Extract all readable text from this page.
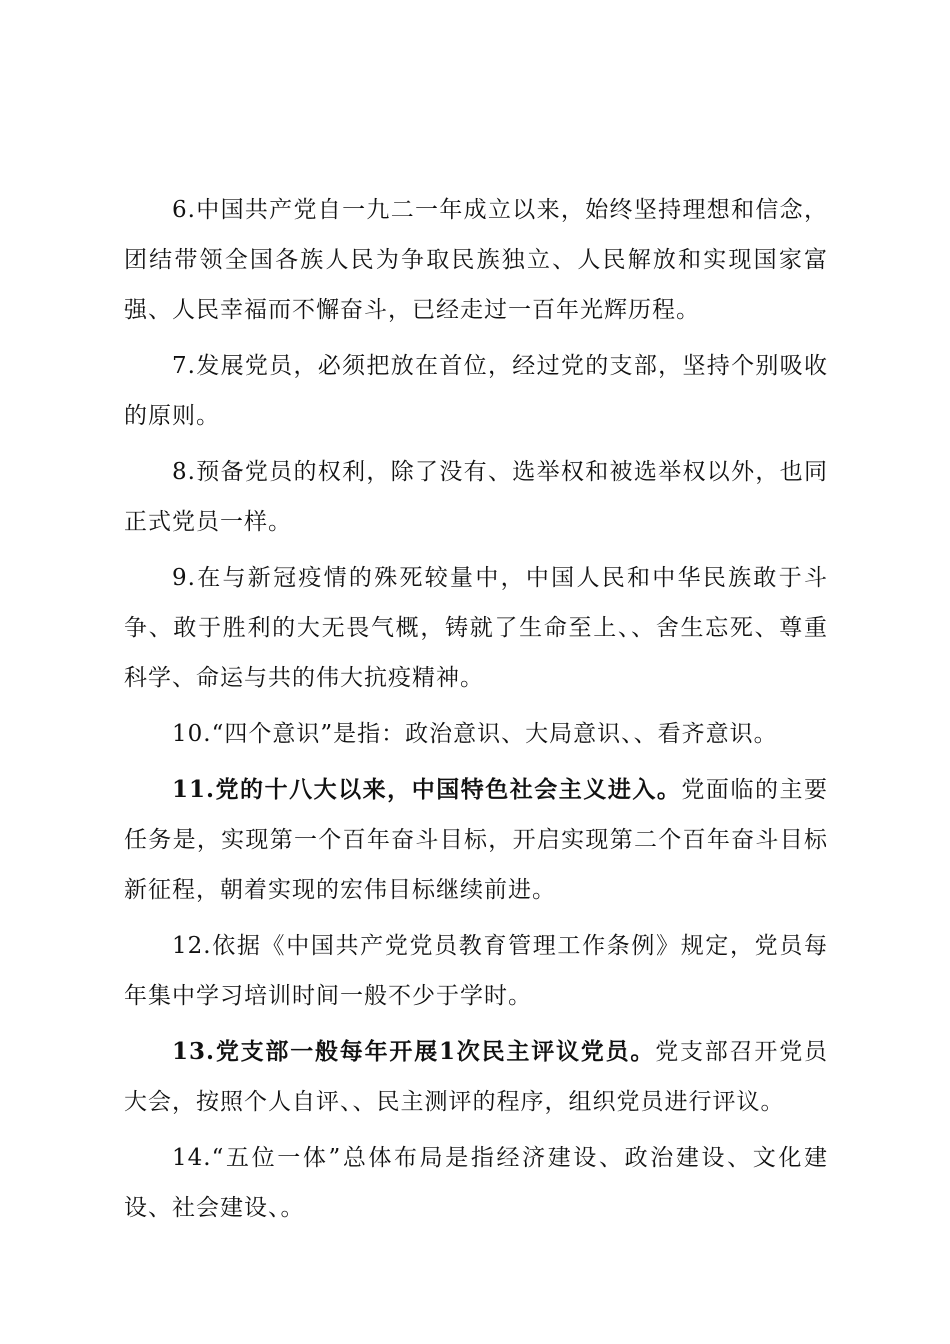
6.中国共产党自一九二一年成立以来，始终坚持理想和信念，团结带领全国各族人民为争取民族独立、人民解放和实现国家富强、人民幸福而不懈奋斗，已经走过一百年光辉历程。

7.发展党员，必须把放在首位，经过党的支部，坚持个别吸收的原则。

8.预备党员的权利，除了没有、选举权和被选举权以外，也同正式党员一样。

9.在与新冠疫情的殊死较量中，中国人民和中华民族敢于斗争、敢于胜利的大无畏气概，铸就了生命至上、、舍生忘死、尊重科学、命运与共的伟大抗疫精神。

10.“四个意识”是指：政治意识、大局意识、、看齐意识。

11.党的十八大以来，中国特色社会主义进入。党面临的主要任务是，实现第一个百年奋斗目标，开启实现第二个百年奋斗目标新征程，朝着实现的宏伟目标继续前进。

12.依据《中国共产党党员教育管理工作条例》规定，党员每年集中学习培训时间一般不少于学时。

13.党支部一般每年开展1次民主评议党员。党支部召开党员大会，按照个人自评、、民主测评的程序，组织党员进行评议。

14.“五位一体”总体布局是指经济建设、政治建设、文化建设、社会建设、。
